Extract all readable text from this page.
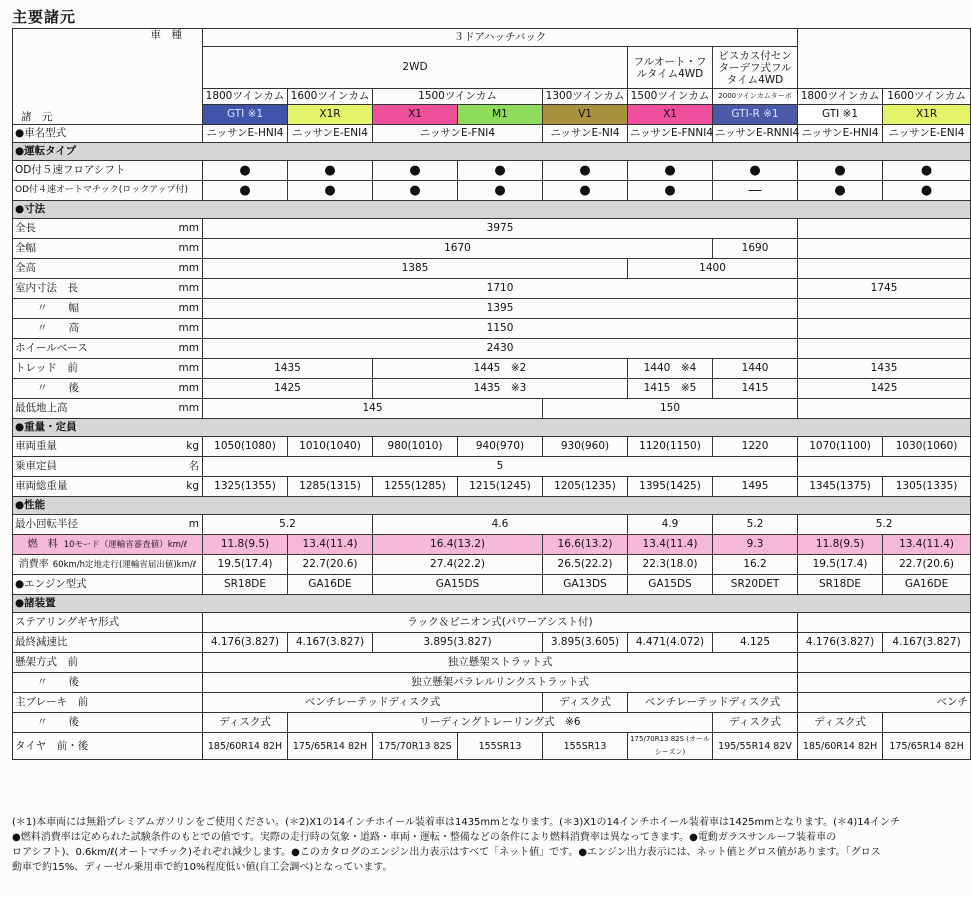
主要諸元
車　種		３ドアハッチバック								
		2WD					フルオート・フルタイム4WD	ビスカス付センターデフ式フルタイム4WD		
諸　元		1800ツインカム	1600ツインカム	1500ツインカム		1300ツインカム	1500ツインカム	2000ツインカムターボ	1800ツインカム	1600ツインカム
		GTI ※1	X1R	X1	M1	V1	X1	GTI-R ※1	GTI ※1	X1R
●車名型式		ニッサンE-HNI4	ニッサンE-ENI4	ニッサンE-FNI4		ニッサンE-NI4	ニッサンE-FNNI4	ニッサンE-RNNI4	ニッサンE-HNI4	ニッサンE-ENI4
●運転タイプ										
OD付５速フロアシフト		●	●	●	●	●	●	●	●	●
OD付４速オートマチック(ロックアップ付)		●	●	●	●	●	●	―	●	●
●寸法										
全長	mm	3975								
全幅	mm	1670						1690		
全高	mm	1385					1400			
室内寸法　長	mm	1710							1745	
〃　　幅	mm	1395								
〃　　高	mm	1150								
ホイールベース	mm	2430								
トレッド　前	mm	1435		1445　※2			1440　※4	1440	1435	
〃　　後	mm	1425		1435　※3			1415　※5	1415	1425	
最低地上高	mm	145				150				
●重量・定員										
車両重量	kg	1050(1080)	1010(1040)	980(1010)	940(970)	930(960)	1120(1150)	1220	1070(1100)	1030(1060)
乗車定員	名	5								
車両総重量	kg	1325(1355)	1285(1315)	1255(1285)	1215(1245)	1205(1235)	1395(1425)	1495	1345(1375)	1305(1335)
●性能										
最小回転半径	m	5.2		4.6			4.9	5.2	5.2	
燃　料 10モード（運輸省審査値）km/ℓ		11.8(9.5)	13.4(11.4)	16.4(13.2)		16.6(13.2)	13.4(11.4)	9.3	11.8(9.5)	13.4(11.4)
消費率 60km/h定地走行(運輸省届出値)km/ℓ		19.5(17.4)	22.7(20.6)	27.4(22.2)		26.5(22.2)	22.3(18.0)	16.2	19.5(17.4)	22.7(20.6)
●エンジン型式		SR18DE	GA16DE	GA15DS		GA13DS	GA15DS	SR20DET	SR18DE	GA16DE
●諸装置										
ステアリングギヤ形式		ラック＆ピニオン式(パワーアシスト付)								
最終減速比		4.176(3.827)	4.167(3.827)	3.895(3.827)		3.895(3.605)	4.471(4.072)	4.125	4.176(3.827)	4.167(3.827)
懸架方式　前		独立懸架ストラット式								
〃　　後		独立懸架パラレルリンクストラット式								
主ブレーキ　前		ベンチレーテッドディスク式				ディスク式	ベンチレーテッドディスク式		ベンチ	
〃　　後		ディスク式	リーディングトレーリング式　※6					ディスク式	ディスク式	
タイヤ　前・後		185/60R14 82H	175/65R14 82H	175/70R13 82S	155SR13	155SR13	175/70R13 82S (オールシーズン)	195/55R14 82V	185/60R14 82H	175/65R14 82H
(＊1)本車両には無鉛プレミアムガソリンをご使用ください。(＊2)X1の14インチホイール装着車は1435mmとなります。(＊3)X1の14インチホイール装着車は1425mmとなります。(＊4)14インチ
●燃料消費率は定められた試験条件のもとでの値です。実際の走行時の気象・道路・車両・運転・整備などの条件により燃料消費率は異なってきます。●電動ガラスサンルーフ装着車の
ロアシフト)、0.6km/ℓ(オートマチック)それぞれ減少します。●このカタログのエンジン出力表示はすべて「ネット値」です。●エンジン出力表示には、ネット値とグロス値があります。「グロス
動車で約15%、ディーゼル乗用車で約10%程度低い値(自工会調べ)となっています。
